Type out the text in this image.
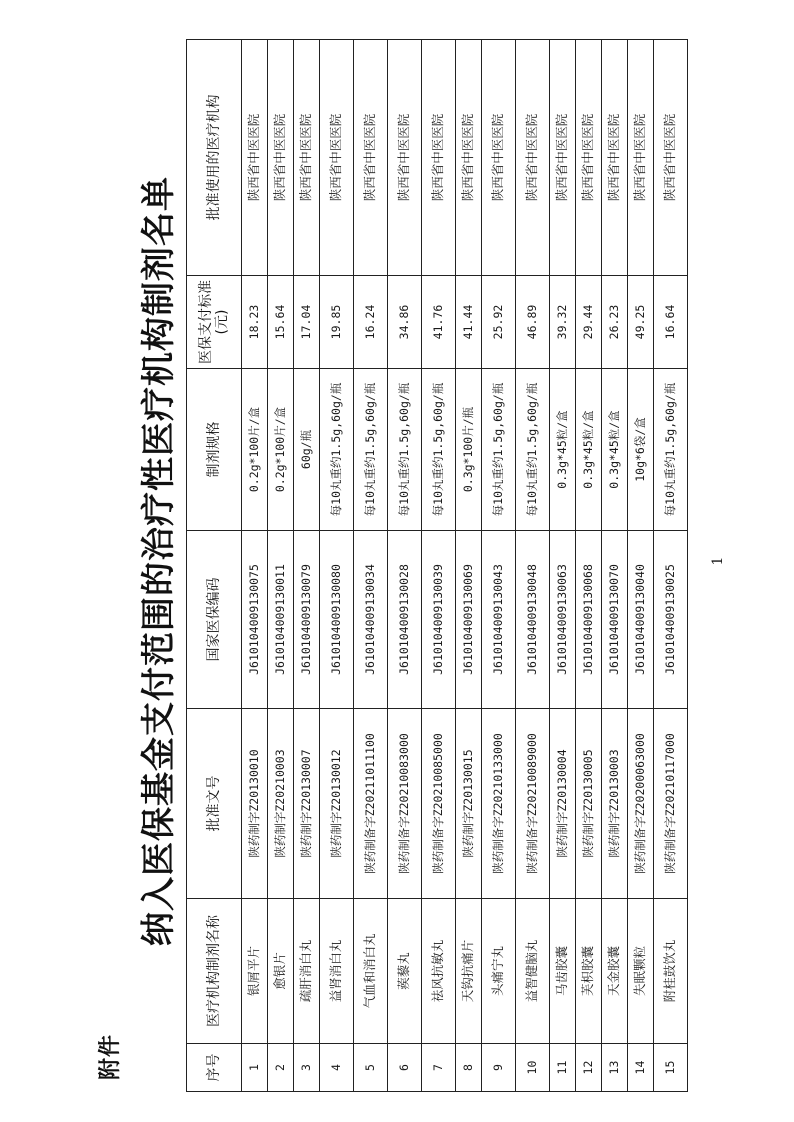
附件
纳入医保基金支付范围的治疗性医疗机构制剂名单
序号	医疗机构制剂名称	批准文号	国家医保编码	制剂规格	医保支付标准(元)	批准使用的医疗机构
1	银屑平片	陕药制字Z20130010	J61010400913007​5	0.2g*100片/盒	18.23	陕西省中医医院
2	愈银片	陕药制字Z20210003	J610104009130011	0.2g*100片/盒	15.64	陕西省中医医院
3	疏肝消白丸	陕药制字Z20130007	J610104009130079	60g/瓶	17.04	陕西省中医医院
4	益肾消白丸	陕药制字Z20130012	J610104009130080	每10丸重约1.5g,60g/瓶	19.85	陕西省中医医院
5	气血和消白丸	陕药制备字Z20211011100	J610104009130034	每10丸重约1.5g,60g/瓶	16.24	陕西省中医医院
6	蒺藜丸	陕药制备字Z20210083000	J610104009130028	每10丸重约1.5g,60g/瓶	34.86	陕西省中医医院
7	祛风抗敏丸	陕药制备字Z20210085000	J610104009130039	每10丸重约1.5g,60g/瓶	41.76	陕西省中医医院
8	天钩抗痛片	陕药制字Z20130015	J610104009130069	0.3g*100片/瓶	41.44	陕西省中医医院
9	头痛宁丸	陕药制备字Z20210133000	J610104009130043	每10丸重约1.5g,60g/瓶	25.92	陕西省中医医院
10	益智健脑丸	陕药制备字Z20210089000	J610104009130048	每10丸重约1.5g,60g/瓶	46.89	陕西省中医医院
11	马齿胶囊	陕药制字Z20130004	J610104009130063	0.3g*45粒/盒	39.32	陕西省中医医院
12	芙枳胶囊	陕药制字Z20130005	J610104009130068	0.3g*45粒/盒	29.44	陕西省中医医院
13	天金胶囊	陕药制字Z20130003	J610104009130070	0.3g*45粒/盒	26.23	陕西省中医医院
14	失眠颗粒	陕药制备字Z20200063000	J610104009130040	10g*6袋/盒	49.25	陕西省中医医院
15	附桂鼓饮丸	陕药制备字Z20210117000	J610104009130025	每10丸重约1.5g,60g/瓶	16.64	陕西省中医医院
1
